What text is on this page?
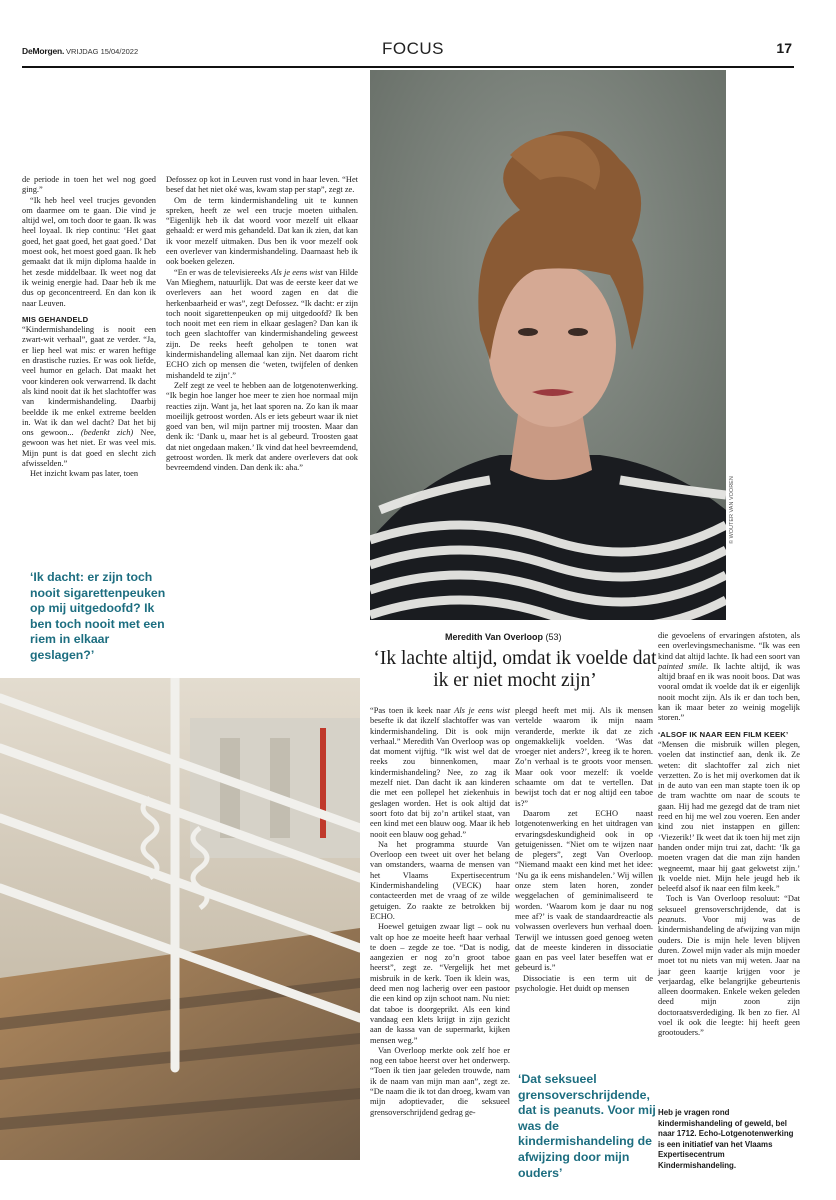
DeMorgen. VRIJDAG 15/04/2022	FOCUS	17

de periode in toen het wel nog goed ging.”

“Ik heb heel veel trucjes gevonden om daarmee om te gaan. Die vind je altijd wel, om toch door te gaan. Ik was heel loyaal. Ik riep continu: ‘Het gaat goed, het gaat goed, het gaat goed.’ Dat moest ook, het moest goed gaan. Ik heb gemaakt dat ik mijn diploma haalde in het zesde middelbaar. Ik weet nog dat ik weinig energie had. Daar heb ik me dus op geconcentreerd. En dan kon ik naar Leuven.

MIS GEHANDELD

“Kindermishandeling is nooit een zwart-wit verhaal”, gaat ze verder. “Ja, er liep heel wat mis: er waren heftige en drastische ruzies. Er was ook liefde, veel humor en gelach. Dat maakt het voor kinderen ook verwarrend. Ik dacht als kind nooit dat ik het slachtoffer was van kindermishandeling. Daarbij beeldde ik me enkel extreme beelden in. Wat ik dan wel dacht? Dat het bij ons gewoon... (bedenkt zich) Nee, gewoon was het niet. Er was veel mis. Mijn punt is dat goed en slecht zich afwisselden.”

Het inzicht kwam pas later, toen

‘Ik dacht: er zijn toch nooit sigarettenpeuken op mij uitgedoofd? Ik ben toch nooit met een riem in elkaar geslagen?’

Defossez op kot in Leuven rust vond in haar leven. “Het besef dat het niet oké was, kwam stap per stap”, zegt ze.

Om de term kindermishandeling uit te kunnen spreken, heeft ze wel een trucje moeten uithalen. “Eigenlijk heb ik dat woord voor mezelf uit elkaar gehaald: er werd mis gehandeld. Dat kan ik zien, dat kan ik voor mezelf uitmaken. Dus ben ik voor mezelf ook een overlever van kindermishandeling. Daarnaast heb ik ook boeken gelezen.

“En er was de televisiereeks Als je eens wist van Hilde Van Mieghem, natuurlijk. Dat was de eerste keer dat we overlevers aan het woord zagen en dat die herkenbaarheid er was”, zegt Defossez. “Ik dacht: er zijn toch nooit sigarettenpeuken op mij uitgedoofd? Ik ben toch nooit met een riem in elkaar geslagen? Dan kan ik toch geen slachtoffer van kindermishandeling geweest zijn. De reeks heeft geholpen te tonen wat kindermishandeling allemaal kan zijn. Net daarom richt ECHO zich op mensen die ‘weten, twijfelen of denken mishandeld te zijn’.”

Zelf zegt ze veel te hebben aan de lotgenotenwerking. “Ik begin hoe langer hoe meer te zien hoe normaal mijn reacties zijn. Want ja, het laat sporen na. Zo kan ik maar moeilijk getroost worden. Als er iets gebeurt waar ik niet goed van ben, wil mijn partner mij troosten. Maar dan denk ik: ‘Dank u, maar het is al gebeurd. Troosten gaat dat niet ongedaan maken.’ Ik vind dat heel bevreemdend, getroost worden. Ik merk dat andere overlevers dat ook bevreemdend vinden. Dan denk ik: aha.”

© WOUTER VAN VOOREN
Meredith Van Overloop (53)
‘Ik lachte altijd, omdat ik voelde dat ik er niet mocht zijn’

“Pas toen ik keek naar Als je eens wist besefte ik dat ikzelf slachtoffer was van kindermishandeling. Dit is ook mijn verhaal.” Meredith Van Overloop was op dat moment vijftig. “Ik wist wel dat de reeks zou binnenkomen, maar kindermishandeling? Nee, zo zag ik mezelf niet. Dan dacht ik aan kinderen die met een pollepel het ziekenhuis in geslagen worden. Het is ook altijd dat soort foto dat bij zo’n artikel staat, van een kind met een blauw oog. Maar ik heb nooit een blauw oog gehad.”

Na het programma stuurde Van Overloop een tweet uit over het belang van omstanders, waarna de mensen van het Vlaams Expertisecentrum Kindermishandeling (VECK) haar contacteerden met de vraag of ze wilde getuigen. Zo raakte ze betrokken bij ECHO.

Hoewel getuigen zwaar ligt – ook nu valt op hoe ze moeite heeft haar verhaal te doen – zegde ze toe. “Dat is nodig, aangezien er nog zo’n groot taboe heerst”, zegt ze. “Vergelijk het met misbruik in de kerk. Toen ik klein was, deed men nog lacherig over een pastoor die een kind op zijn schoot nam. Nu niet: dat taboe is doorgeprikt. Als een kind vandaag een klets krijgt in zijn gezicht aan de kassa van de supermarkt, kijken mensen weg.”

Van Overloop merkte ook zelf hoe er nog een taboe heerst over het onderwerp. “Toen ik tien jaar geleden trouwde, nam ik de naam van mijn man aan”, zegt ze. “De naam die ik tot dan droeg, kwam van mijn adoptievader, die seksueel grensoverschrijdend gedrag ge-

pleegd heeft met mij. Als ik mensen vertelde waarom ik mijn naam veranderde, merkte ik dat ze zich ongemakkelijk voelden. ‘Was dat vroeger niet anders?’, kreeg ik te horen. Zo’n verhaal is te groots voor mensen. Maar ook voor mezelf: ik voelde schaamte om dat te vertellen. Dat bewijst toch dat er nog altijd een taboe is?”

Daarom zet ECHO naast lotgenotenwerking en het uitdragen van ervaringsdeskundigheid ook in op getuigenissen. “Niet om te wijzen naar de plegers”, zegt Van Overloop. “Niemand maakt een kind met het idee: ‘Nu ga ik eens mishandelen.’ Wij willen onze stem laten horen, zonder weggelachen of geminimaliseerd te worden. ‘Waarom kom je daar nu nog mee af?’ is vaak de standaardreactie als volwassen overlevers hun verhaal doen. Terwijl we intussen goed genoeg weten dat de meeste kinderen in dissociatie gaan en pas veel later beseffen wat er gebeurd is.”

Dissociatie is een term uit de psychologie. Het duidt op mensen

‘Dat seksueel grensoverschrijdende, dat is peanuts. Voor mij was de kindermishandeling de afwijzing door mijn ouders’

die gevoelens of ervaringen afstoten, als een overlevingsmechanisme. “Ik was een kind dat altijd lachte. Ik had een soort van painted smile. Ik lachte altijd, ik was altijd braaf en ik was nooit boos. Dat was vooral omdat ik voelde dat ik er eigenlijk nooit mocht zijn. Als ik er dan toch ben, kan ik maar beter zo weinig mogelijk storen.”

‘ALSOF IK NAAR EEN FILM KEEK’

“Mensen die misbruik willen plegen, voelen dat instinctief aan, denk ik. Ze weten: dit slachtoffer zal zich niet verzetten. Zo is het mij overkomen dat ik in de auto van een man stapte toen ik op de tram wachtte om naar de scouts te gaan. Hij had me gezegd dat de tram niet reed en hij me wel zou voeren. Een ander kind zou niet instappen en gillen: ‘Viezerik!’ Ik weet dat ik toen hij met zijn handen onder mijn trui zat, dacht: ‘Ik ga moeten vragen dat die man zijn handen wegneemt, maar hij gaat gekwetst zijn.’ Ik voelde niet. Mijn hele jeugd heb ik beleefd alsof ik naar een film keek.”

Toch is Van Overloop resoluut: “Dat seksueel grensoverschrijdende, dat is peanuts. Voor mij was de kindermishandeling de afwijzing van mijn ouders. Die is mijn hele leven blijven duren. Zowel mijn vader als mijn moeder moet tot nu niets van mij weten. Jaar na jaar geen kaartje krijgen voor je verjaardag, elke belangrijke gebeurtenis alleen doormaken. Enkele weken geleden deed mijn zoon zijn doctoraatsverdediging. Ik ben zo fier. Al voel ik ook die leegte: hij heeft geen grootouders.”

Heb je vragen rond kindermishandeling of geweld, bel naar 1712. Echo-Lotgenotenwerking is een initiatief van het Vlaams Expertisecentrum Kindermishandeling.
